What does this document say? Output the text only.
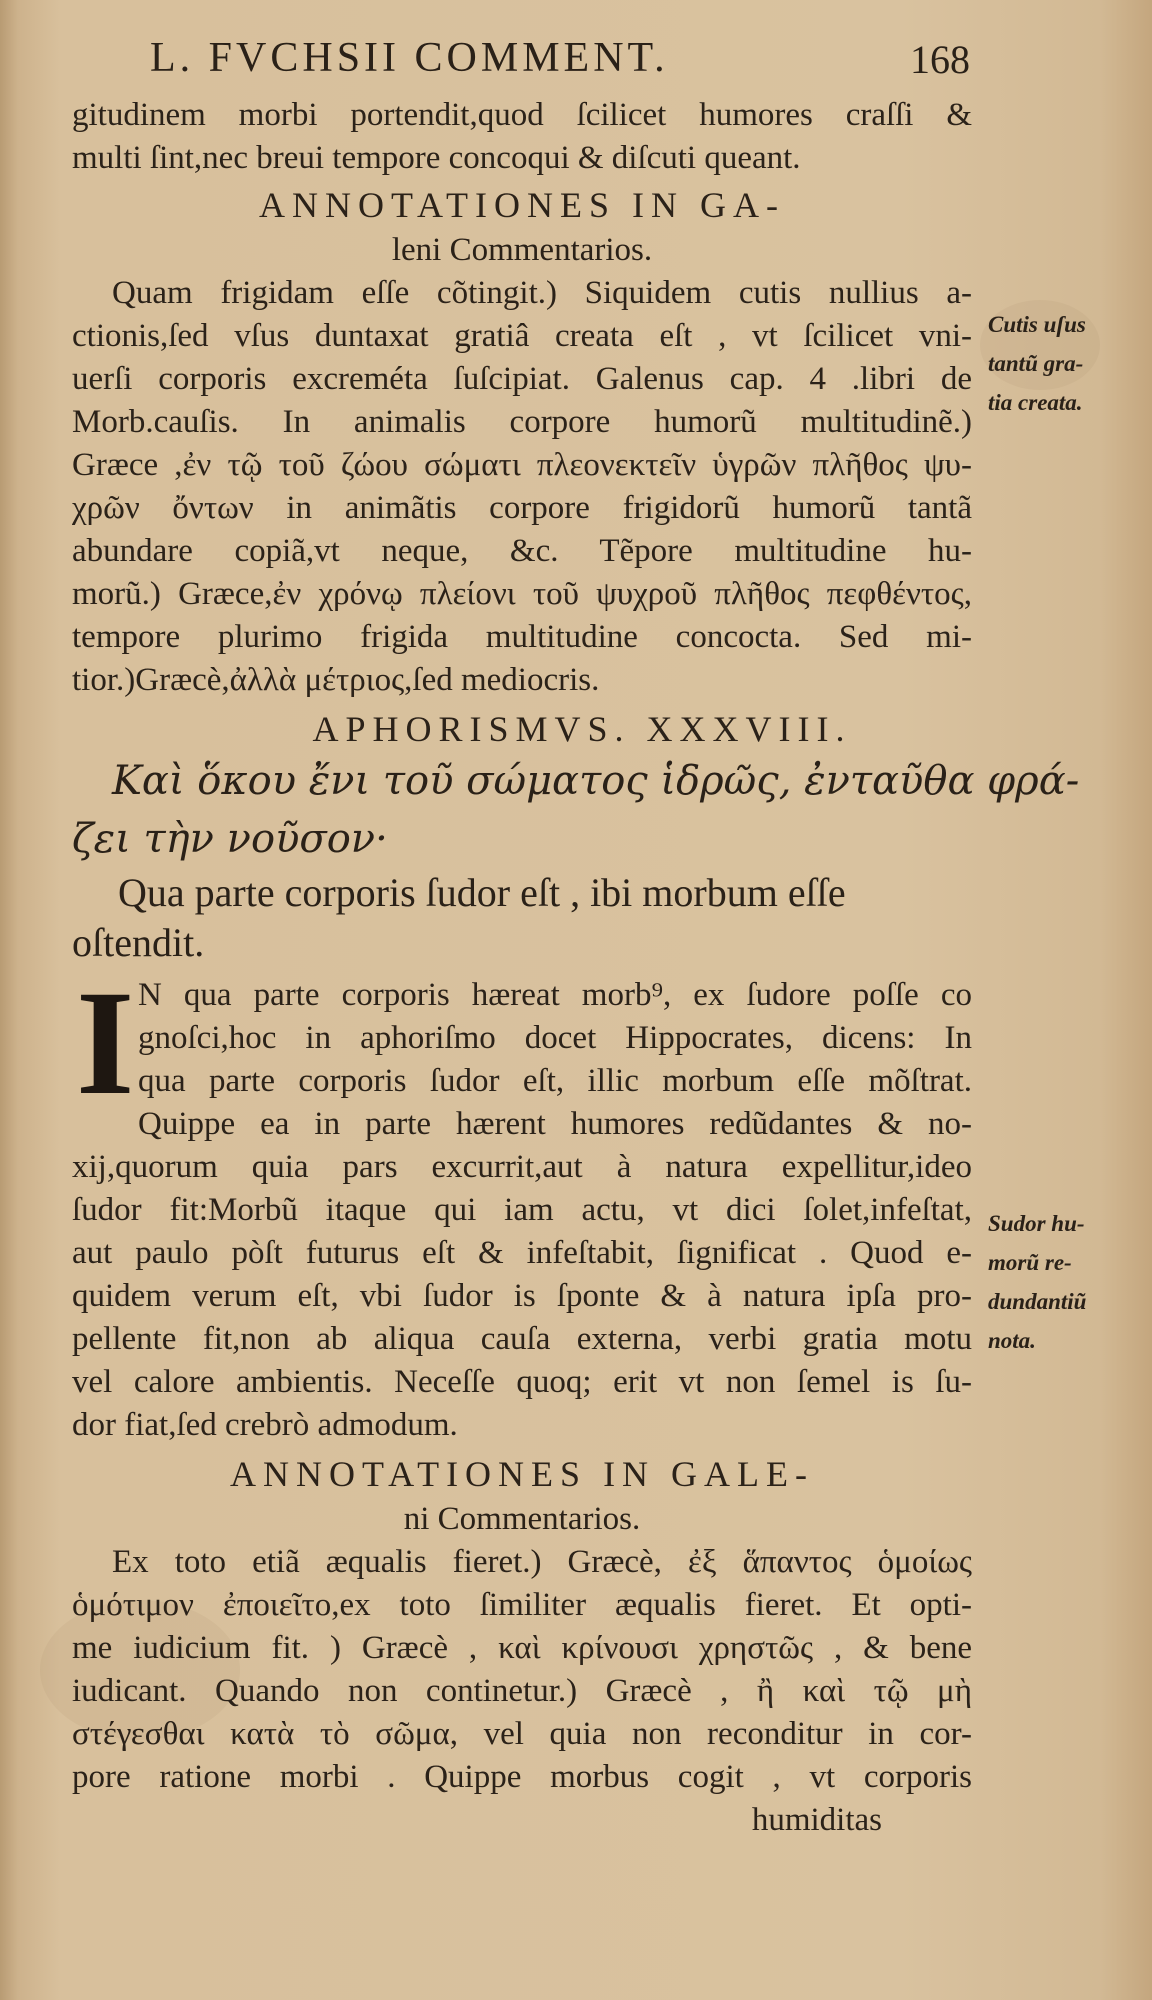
L. FVCHSII COMMENT.	168
gitudinem morbi portendit,quod ſcilicet humores craſſi &
multi ſint,nec breui tempore concoqui & diſcuti queant.
ANNOTATIONES IN GA-
leni Commentarios.
Quam frigidam eſſe cõtingit.) Siquidem cutis nullius a-
ctionis,ſed vſus duntaxat gratiâ creata eſt , vt ſcilicet vni-
uerſi corporis excreméta ſuſcipiat. Galenus cap. 4 .libri de
Morb.cauſis. In animalis corpore humorũ multitudinẽ.)
Græce ,ἐν τῷ τοῦ ζώου σώματι πλεονεκτεῖν ὑγρῶν πλῆθος ψυ-
χρῶν ὄντων in animãtis corpore frigidorũ humorũ tantã
abundare copiã,vt neque, &c. Tẽpore multitudine hu-
morũ.) Græce,ἐν χρόνῳ πλείονι τοῦ ψυχροῦ πλῆθος πεφθέντος,
tempore plurimo frigida multitudine concocta. Sed mi-
tior.)Græcè,ἀλλὰ μέτριος,ſed mediocris.
APHORISMVS. XXXVIII.
Καὶ ὅκου ἔνι τοῦ σώματος ἱδρῶς, ἐνταῦθα φρά-
ζει τὴν νοῦσον·
Qua parte corporis ſudor eſt , ibi morbum eſſe
oſtendit.
I N qua parte corporis hæreat morb⁹, ex ſudore poſſe co
gnoſci,hoc in aphoriſmo docet Hippocrates, dicens: In
qua parte corporis ſudor eſt, illic morbum eſſe mõſtrat.
Quippe ea in parte hærent humores redũdantes & no-
xij,quorum quia pars excurrit,aut à natura expellitur,ideo
ſudor fit:Morbũ itaque qui iam actu, vt dici ſolet,infeſtat,
aut paulo pòſt futurus eſt & infeſtabit, ſignificat . Quod e-
quidem verum eſt, vbi ſudor is ſponte & à natura ipſa pro-
pellente fit,non ab aliqua cauſa externa, verbi gratia motu
vel calore ambientis. Neceſſe quoq; erit vt non ſemel is ſu-
dor fiat,ſed crebrò admodum.
ANNOTATIONES IN GALE-
ni Commentarios.
Ex toto etiã æqualis fieret.) Græcè, ἐξ ἅπαντος ὁμοίως
ὁμότιμον ἐποιεῖτο,ex toto ſimiliter æqualis fieret. Et opti-
me iudicium fit. ) Græcè , καὶ κρίνουσι χρηστῶς , & bene
iudicant. Quando non continetur.) Græcè , ἢ καὶ τῷ μὴ
στέγεσθαι κατὰ τὸ σῶμα, vel quia non reconditur in cor-
pore ratione morbi . Quippe morbus cogit , vt corporis
humiditas
Cutis uſus
tantũ gra-
tia creata.
Sudor hu-
morũ re-
dundantiũ
nota.
